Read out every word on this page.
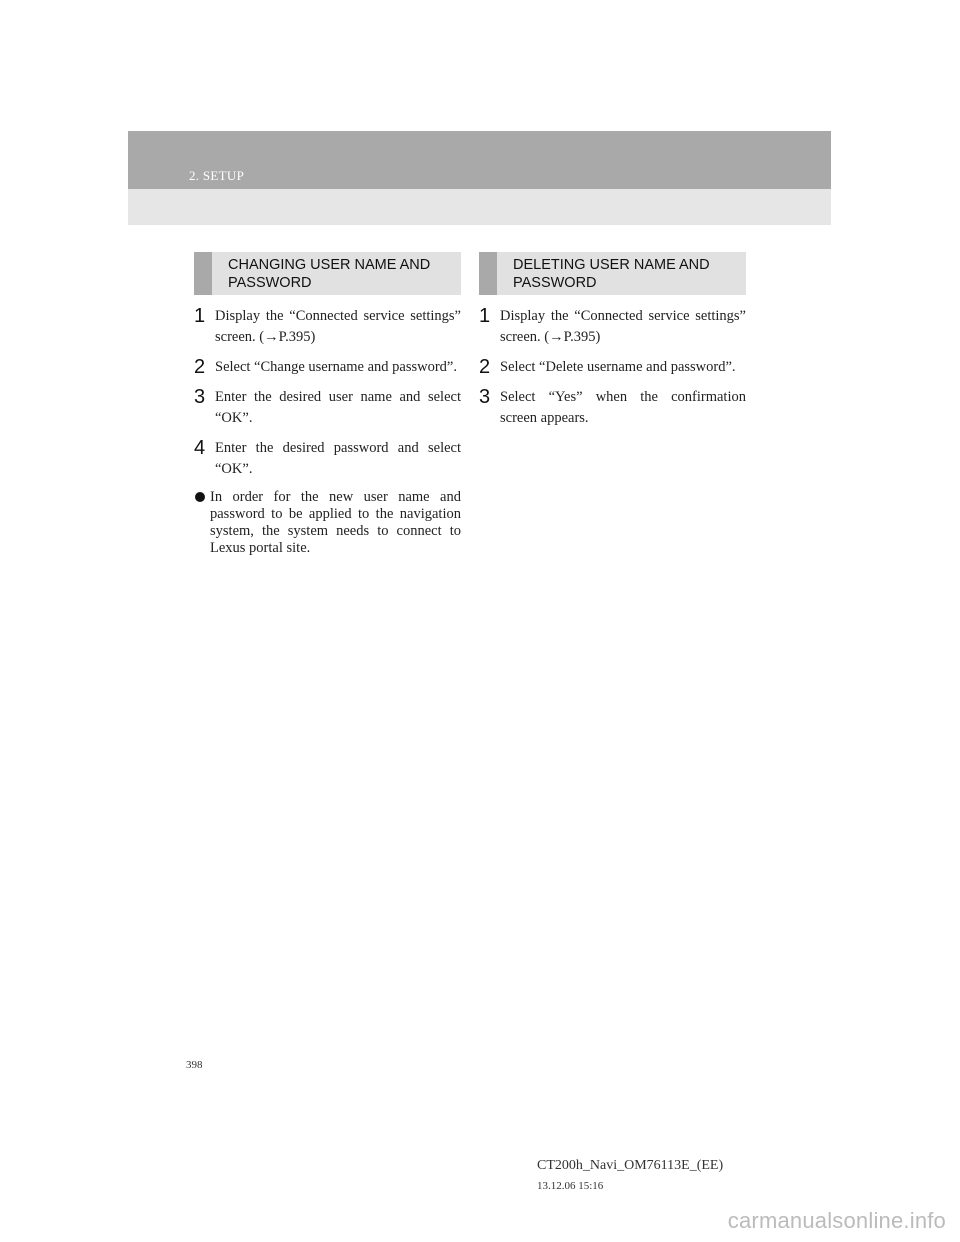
2. SETUP
CHANGING USER NAME AND PASSWORD
1 Display the “Connected service settings” screen. (→P.395)
2 Select “Change username and password”.
3 Enter the desired user name and select “OK”.
4 Enter the desired password and select “OK”.
In order for the new user name and password to be applied to the navigation system, the system needs to connect to Lexus portal site.
DELETING USER NAME AND PASSWORD
1 Display the “Connected service settings” screen. (→P.395)
2 Select “Delete username and password”.
3 Select “Yes” when the confirmation screen appears.
398
CT200h_Navi_OM76113E_(EE)
13.12.06 15:16
carmanualsonline.info
